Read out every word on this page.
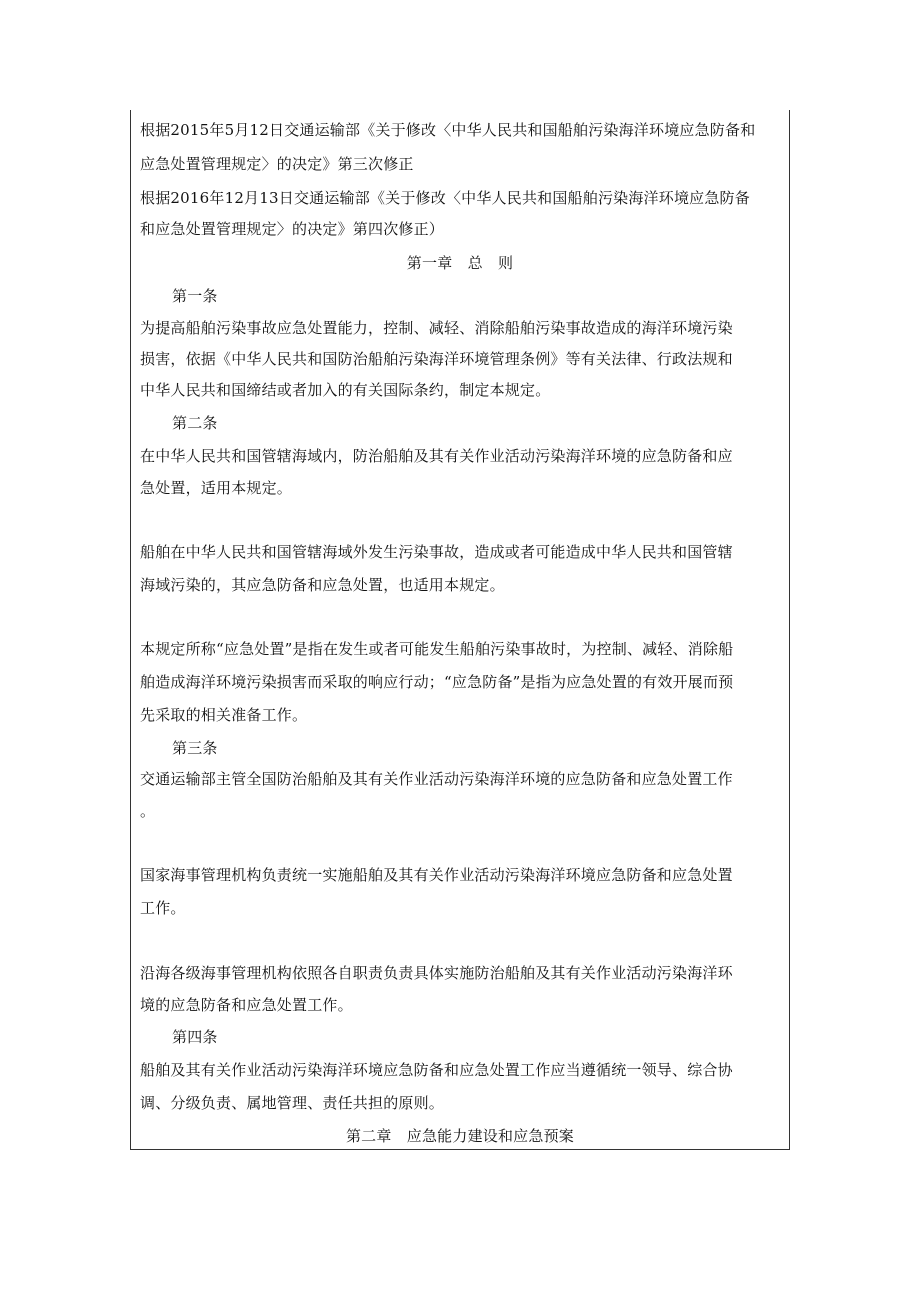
根据2015年5月12日交通运输部《关于修改〈中华人民共和国船舶污染海洋环境应急防备和
应急处置管理规定〉的决定》第三次修正
根据2016年12月13日交通运输部《关于修改〈中华人民共和国船舶污染海洋环境应急防备
和应急处置管理规定〉的决定》第四次修正）
第一章　总　则
第一条
为提高船舶污染事故应急处置能力，控制、减轻、消除船舶污染事故造成的海洋环境污染
损害，依据《中华人民共和国防治船舶污染海洋环境管理条例》等有关法律、行政法规和
中华人民共和国缔结或者加入的有关国际条约，制定本规定。
第二条
在中华人民共和国管辖海域内，防治船舶及其有关作业活动污染海洋环境的应急防备和应
急处置，适用本规定。
船舶在中华人民共和国管辖海域外发生污染事故，造成或者可能造成中华人民共和国管辖
海域污染的，其应急防备和应急处置，也适用本规定。
本规定所称“应急处置”是指在发生或者可能发生船舶污染事故时，为控制、减轻、消除船
舶造成海洋环境污染损害而采取的响应行动；“应急防备”是指为应急处置的有效开展而预
先采取的相关准备工作。
第三条
交通运输部主管全国防治船舶及其有关作业活动污染海洋环境的应急防备和应急处置工作
。
国家海事管理机构负责统一实施船舶及其有关作业活动污染海洋环境应急防备和应急处置
工作。
沿海各级海事管理机构依照各自职责负责具体实施防治船舶及其有关作业活动污染海洋环
境的应急防备和应急处置工作。
第四条
船舶及其有关作业活动污染海洋环境应急防备和应急处置工作应当遵循统一领导、综合协
调、分级负责、属地管理、责任共担的原则。
第二章　应急能力建设和应急预案
